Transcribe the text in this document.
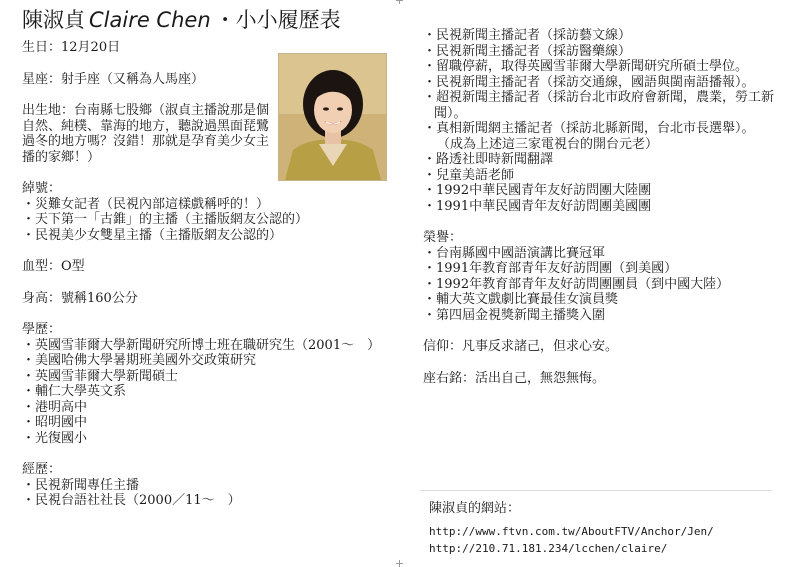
陳淑貞 Claire Chen ・小小履歷表
生日：12月20日
星座：射手座（又稱為人馬座）
出生地：台南縣七股鄉（淑貞主播說那是個自然、純樸、靠海的地方，聽說過黑面琵鷺過冬的地方嗎？沒錯！那就是孕育美少女主播的家鄉！）
綽號：
・災難女記者（民視內部這樣戲稱呼的！）
・天下第一「古錐」的主播（主播版網友公認的）
・民視美少女雙星主播（主播版網友公認的）
血型：O型
身高：號稱160公分
學歷：
・英國雪菲爾大學新聞研究所博士班在職研究生（2001～　）
・美國哈佛大學暑期班美國外交政策研究
・英國雪菲爾大學新聞碩士
・輔仁大學英文系
・港明高中
・昭明國中
・光復國小
經歷：
・民視新聞專任主播
・民視台語社社長（2000／11～　）
・民視新聞主播記者（採訪藝文線）
・民視新聞主播記者（採訪醫藥線）
・留職停薪，取得英國雪菲爾大學新聞研究所碩士學位。
・民視新聞主播記者（採訪交通線，國語與閩南語播報）。
・超視新聞主播記者（採訪台北市政府會新聞，農業，勞工新聞）。
・真相新聞網主播記者（採訪北縣新聞，台北市長選舉）。
（成為上述這三家電視台的開台元老）
・路透社即時新聞翻譯
・兒童美語老師
・1992中華民國青年友好訪問團大陸團
・1991中華民國青年友好訪問團美國團
榮譽：
・台南縣國中國語演講比賽冠軍
・1991年教育部青年友好訪問團（到美國）
・1992年教育部青年友好訪問團團員（到中國大陸）
・輔大英文戲劇比賽最佳女演員獎
・第四屆金視獎新聞主播獎入圍
信仰：凡事反求諸己，但求心安。
座右銘：活出自己，無怨無悔。
陳淑貞的網站：
http://www.ftvn.com.tw/AboutFTV/Anchor/Jen/
http://210.71.181.234/lcchen/claire/
